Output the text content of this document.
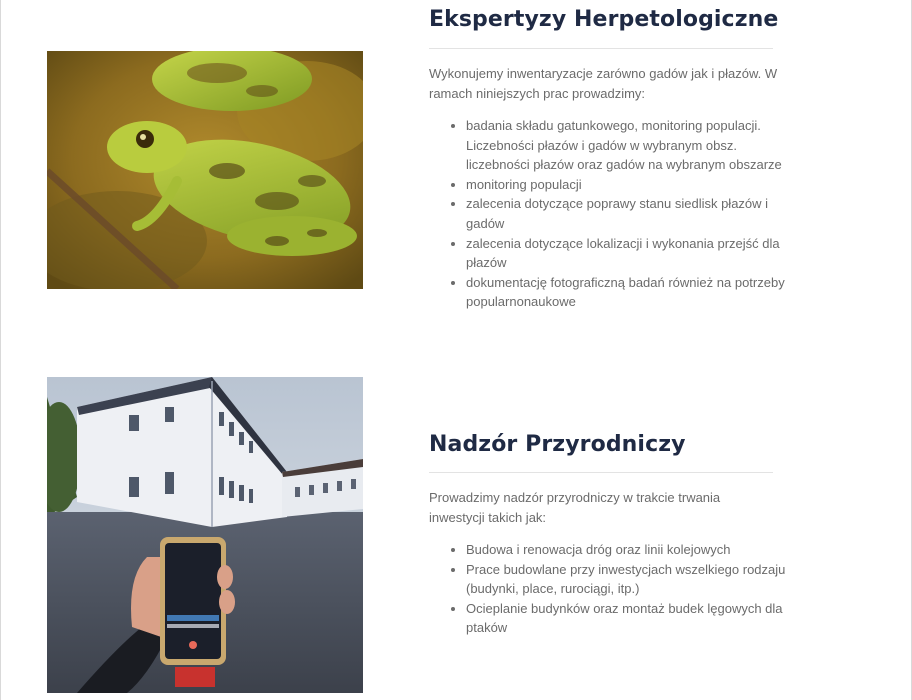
Ekspertyzy Herpetologiczne

Wykonujemy inwentaryzacje zarówno gadów jak i płazów. W ramach niniejszych prac prowadzimy:

• badania składu gatunkowego, monitoring populacji. Liczebności płazów i gadów w wybranym obsz. liczebności płazów oraz gadów na wybranym obszarze
• monitoring populacji
• zalecenia dotyczące poprawy stanu siedlisk płazów i gadów
• zalecenia dotyczące lokalizacji i wykonania przejść dla płazów
• dokumentację fotograficzną badań również na potrzeby popularnonaukowe
Nadzór Przyrodniczy

Prowadzimy nadzór przyrodniczy w trakcie trwania inwestycji takich jak:

• Budowa i renowacja dróg oraz linii kolejowych
• Prace budowlane przy inwestycjach wszelkiego rodzaju (budynki, place, rurociągi, itp.)
• Ocieplanie budynków oraz montaż budek lęgowych dla ptaków
